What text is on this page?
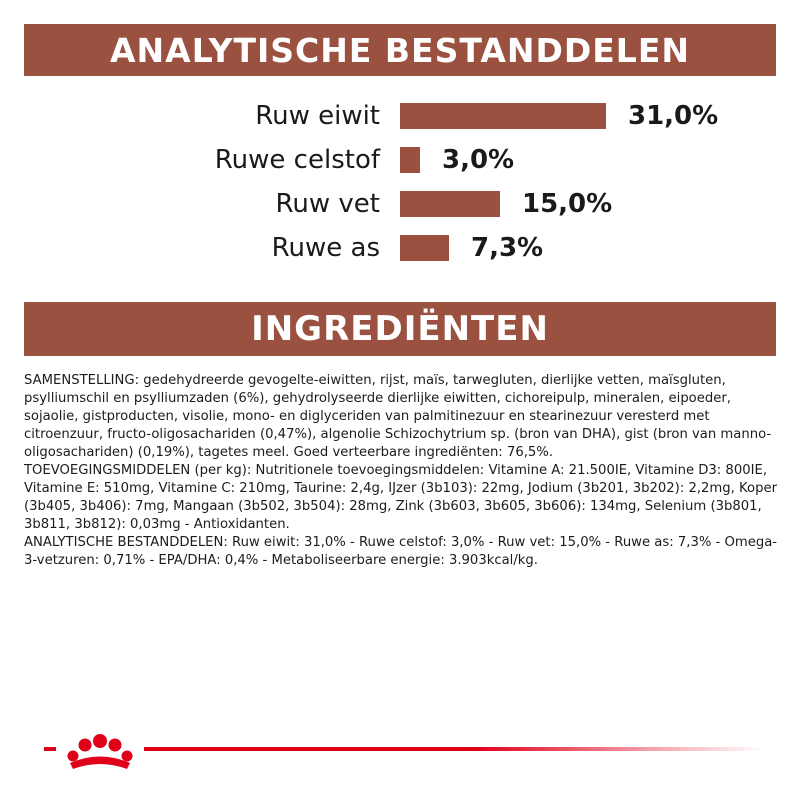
ANALYTISCHE BESTANDDELEN
Ruw eiwit	31,0%
Ruwe celstof 3,0%
Ruw vet	15,0%
Ruwe as	7,3%
INGREDIËNTEN

SAMENSTELLING: gedehydreerde gevogelte-eiwitten, rijst, maïs, tarwegluten, dierlijke vetten, maïsgluten, psylliumschil en psylliumzaden (6%), gehydrolyseerde dierlijke eiwitten, cichoreipulp, mineralen, eipoeder, sojaolie, gistproducten, visolie, mono- en diglyceriden van palmitinezuur en stearinezuur veresterd met citroenzuur, fructo-oligosachariden (0,47%), algenolie Schizochytrium sp. (bron van DHA), gist (bron van manno-oligosachariden) (0,19%), tagetes meel. Goed verteerbare ingrediënten: 76,5%.

TOEVOEGINGSMIDDELEN (per kg): Nutritionele toevoegingsmiddelen: Vitamine A: 21.500IE, Vitamine D3: 800IE, Vitamine E: 510mg, Vitamine C: 210mg, Taurine: 2,4g, IJzer (3b103): 22mg, Jodium (3b201, 3b202): 2,2mg, Koper (3b405, 3b406): 7mg, Mangaan (3b502, 3b504): 28mg, Zink (3b603, 3b605, 3b606): 134mg, Selenium (3b801, 3b811, 3b812): 0,03mg - Antioxidanten.

ANALYTISCHE BESTANDDELEN: Ruw eiwit: 31,0% - Ruwe celstof: 3,0% - Ruw vet: 15,0% - Ruwe as: 7,3% - Omega-3-vetzuren: 0,71% - EPA/DHA: 0,4% - Metaboliseerbare energie: 3.903kcal/kg.
